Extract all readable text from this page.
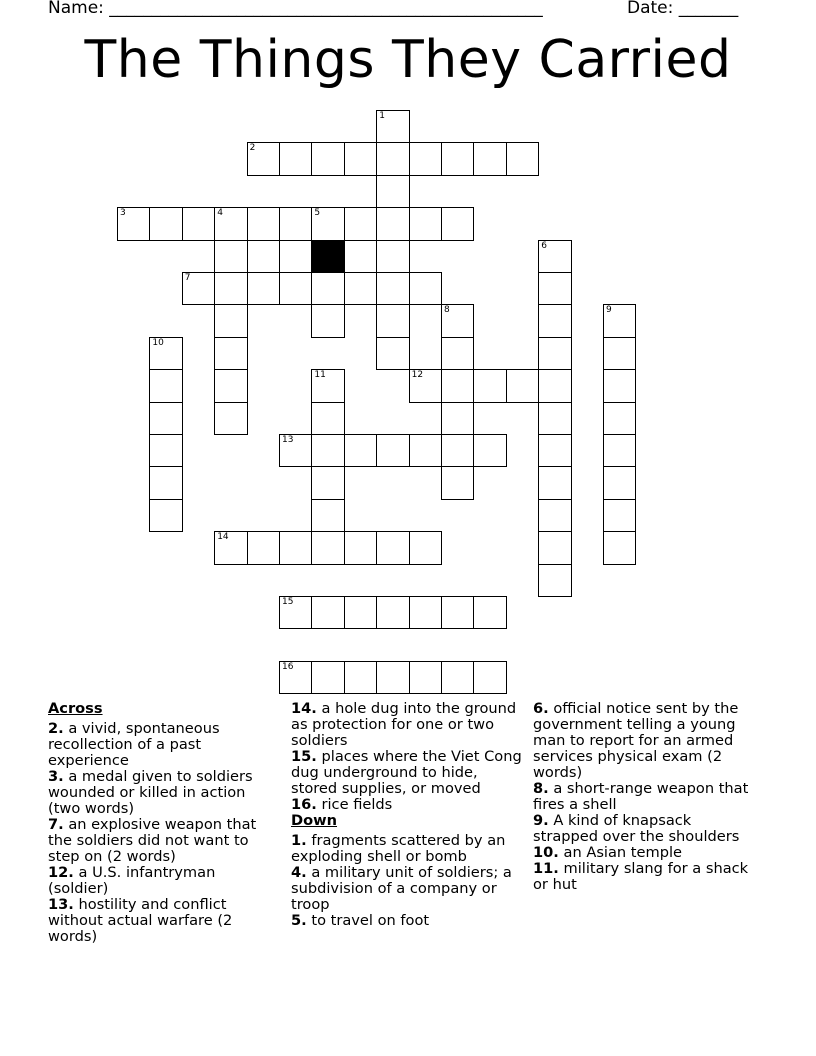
Name: ___________________________________________________	Date: _______
The Things They Carried
1
2
3	4	5
6
7
8	9
10
11	12
13
14
15
16
Across
2. a vivid, spontaneous recollection of a past experience
3. a medal given to soldiers wounded or killed in action (two words)
7. an explosive weapon that the soldiers did not want to step on (2 words)
12. a U.S. infantryman (soldier)
13. hostility and conflict without actual warfare (2 words)
14. a hole dug into the ground as protection for one or two soldiers
15. places where the Viet Cong dug underground to hide, stored supplies, or moved
16. rice fields
Down
1. fragments scattered by an exploding shell or bomb
4. a military unit of soldiers; a subdivision of a company or troop
5. to travel on foot
6. official notice sent by the government telling a young man to report for an armed services physical exam (2 words)
8. a short-range weapon that fires a shell
9. A kind of knapsack strapped over the shoulders
10. an Asian temple
11. military slang for a shack or hut
